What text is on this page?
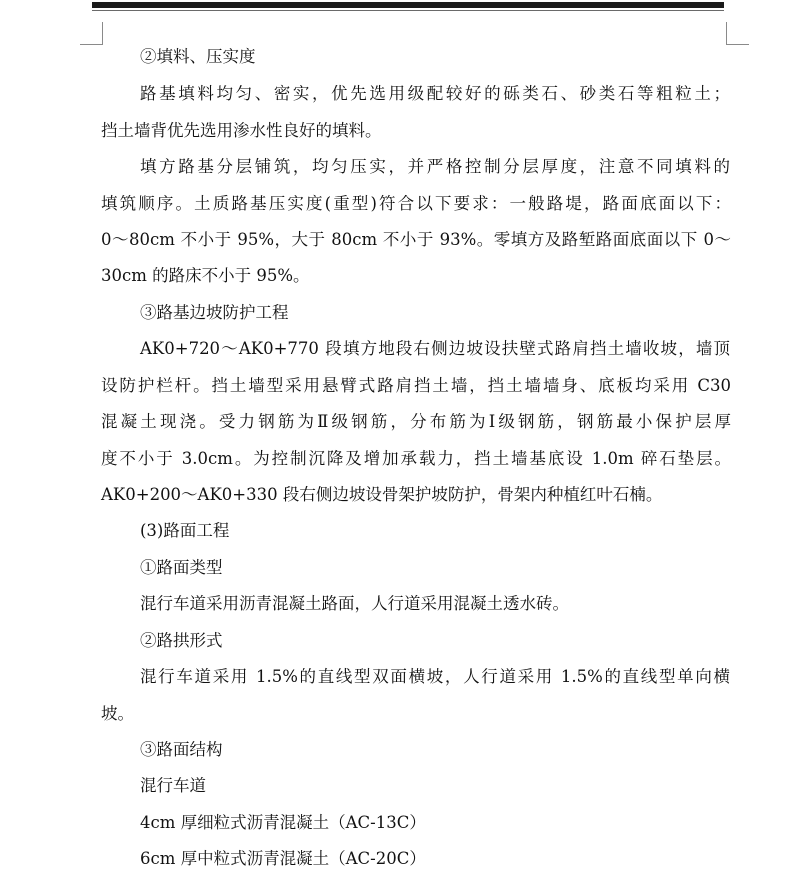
②填料、压实度
路基填料均匀、密实，优先选用级配较好的砾类石、砂类石等粗粒土；
挡土墙背优先选用渗水性良好的填料。
填方路基分层铺筑，均匀压实，并严格控制分层厚度，注意不同填料的
填筑顺序。土质路基压实度(重型)符合以下要求：一般路堤，路面底面以下：
0～80cm 不小于 95%，大于 80cm 不小于 93%。零填方及路堑路面底面以下 0～
30cm 的路床不小于 95%。
③路基边坡防护工程
AK0+720～AK0+770 段填方地段右侧边坡设扶壁式路肩挡土墙收坡，墙顶
设防护栏杆。挡土墙型采用悬臂式路肩挡土墙，挡土墙墙身、底板均采用 C30
混凝土现浇。受力钢筋为Ⅱ级钢筋，分布筋为Ⅰ级钢筋，钢筋最小保护层厚
度不小于 3.0cm。为控制沉降及增加承载力，挡土墙基底设 1.0m 碎石垫层。
AK0+200～AK0+330 段右侧边坡设骨架护坡防护，骨架内种植红叶石楠。
(3)路面工程
①路面类型
混行车道采用沥青混凝土路面，人行道采用混凝土透水砖。
②路拱形式
混行车道采用 1.5%的直线型双面横坡，人行道采用 1.5%的直线型单向横
坡。
③路面结构
混行车道
4cm 厚细粒式沥青混凝土（AC-13C）
6cm 厚中粒式沥青混凝土（AC-20C）
